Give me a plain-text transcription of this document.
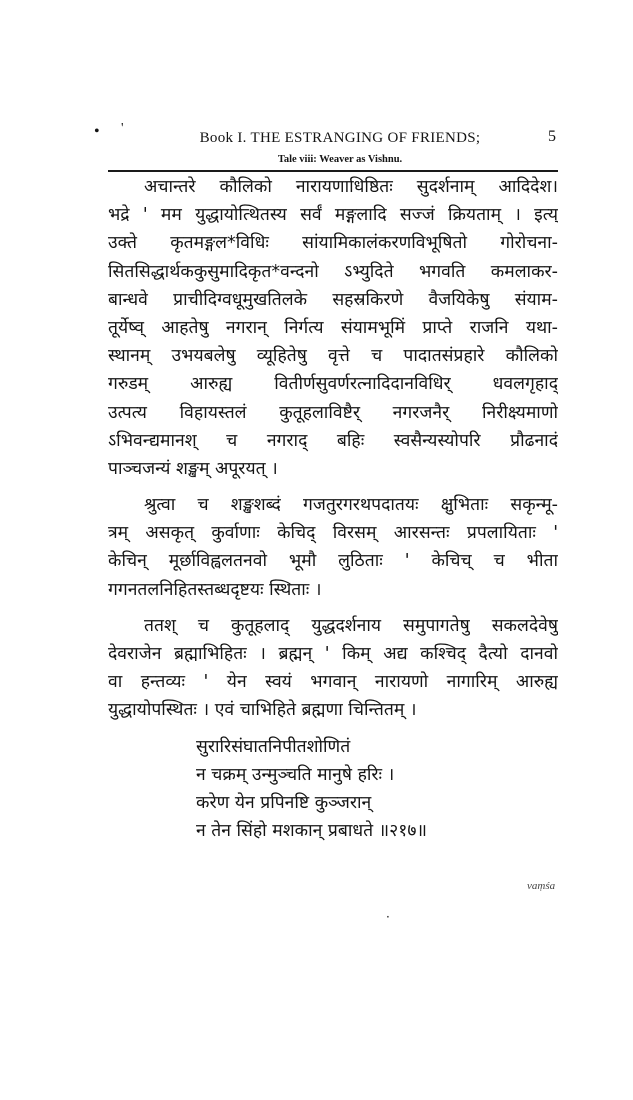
• '
Book I. THE ESTRANGING OF FRIENDS;	5
Tale viii: Weaver as Vishnu.
अचान्तरे कौलिको नारायणाधिष्ठितः सुदर्शनाम् आदिदेश।
भद्रे ' मम युद्धायोत्थितस्य सर्वं मङ्गलादि सज्जं क्रियताम् । इत्य्
उक्ते कृतमङ्गल*विधिः सांयामिकालंकरणविभूषितो गोरोचना-
सितसिद्धार्थककुसुमादिकृत*वन्दनो ऽभ्युदिते भगवति कमलाकर-
बान्धवे प्राचीदिग्वधूमुखतिलके सहस्रकिरणे वैजयिकेषु संयाम-
तूर्येष्व् आहतेषु नगरान् निर्गत्य संयामभूमिं प्राप्ते राजनि यथा-
स्थानम् उभयबलेषु व्यूहितेषु वृत्ते च पादातसंप्रहारे कौलिको
गरुडम् आरुह्य वितीर्णसुवर्णरत्नादिदानविधिर् धवलगृहाद्
उत्पत्य विहायस्तलं कुतूहलाविष्टैर् नगरजनैर् निरीक्ष्यमाणो
ऽभिवन्द्यमानश् च नगराद् बहिः स्वसैन्यस्योपरि प्रौढनादं
पाञ्चजन्यं शङ्खम् अपूरयत् ।
श्रुत्वा च शङ्खशब्दं गजतुरगरथपदातयः क्षुभिताः सकृन्मू-
त्रम् असकृत् कुर्वाणाः केचिद् विरसम् आरसन्तः प्रपलायिताः '
केचिन् मूर्छाविह्वलतनवो भूमौ लुठिताः ' केचिच् च भीता
गगनतलनिहितस्तब्धदृष्टयः स्थिताः ।
ततश् च कुतूहलाद् युद्धदर्शनाय समुपागतेषु सकलदेवेषु
देवराजेन ब्रह्माभिहितः । ब्रह्मन् ' किम् अद्य कश्चिद् दैत्यो दानवो
वा हन्तव्यः ' येन स्वयं भगवान् नारायणो नागारिम् आरुह्य
युद्धायोपस्थितः । एवं चाभिहिते ब्रह्मणा चिन्तितम् ।
सुरारिसंघातनिपीतशोणितं
न चक्रम् उन्मुञ्चति मानुषे हरिः ।
करेण येन प्रपिनष्टि कुञ्जरान्
न तेन सिंहो मशकान् प्रबाधते ॥२१७॥
vaṃśa
·
